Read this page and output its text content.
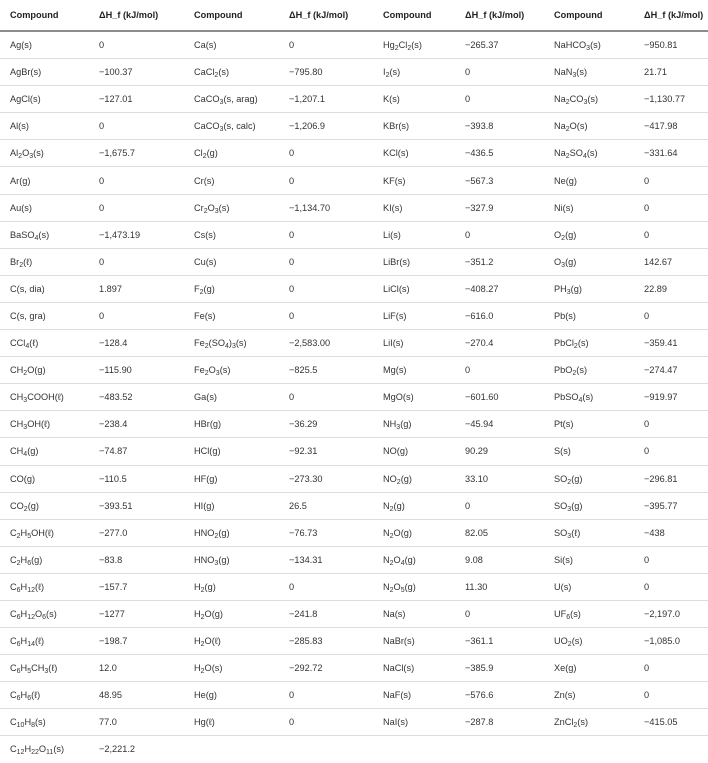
Compound	ΔH_f (kJ/mol)	Compound	ΔH_f (kJ/mol)	Compound	ΔH_f (kJ/mol)	Compound	ΔH_f (kJ/mol)
Ag(s)	0	Ca(s)	0	$Hg_2Cl_2(s)$	−265.37	NaHCO$_3$(s)	−950.81
AgBr(s)	−100.37	CaCl$_2$(s)	−795.80	$I_2(s)$	0	NaN$_3$(s)	21.71
AgCl(s)	−127.01	CaCO$_3$(s, arag)	−1,207.1	K(s)	0	$Na_2CO_3(s)$	−1,130.77
Al(s)	0	CaCO$_3$(s, calc)	−1,206.9	KBr(s)	−393.8	$Na_2O(s)$	−417.98
$Al_2O_3(s)$	−1,675.7	$Cl_2(g)$	0	KCl(s)	−436.5	$Na_2SO_4(s)$	−331.64
Ar(g)	0	Cr(s)	0	KF(s)	−567.3	Ne(g)	0
Au(s)	0	$Cr_2O_3(s)$	−1,134.70	KI(s)	−327.9	Ni(s)	0
BaSO$_4$(s)	−1,473.19	Cs(s)	0	Li(s)	0	$O_2(g)$	0
$Br_2(\ell)$	0	Cu(s)	0	LiBr(s)	−351.2	$O_3(g)$	142.67
C(s, dia)	1.897	$F_2(g)$	0	LiCl(s)	−408.27	$PH_3(g)$	22.89
C(s, gra)	0	Fe(s)	0	LiF(s)	−616.0	Pb(s)	0
CCl$_4$(ℓ)	−128.4	$Fe_2(SO_4)_3(s)$	−2,583.00	LiI(s)	−270.4	PbCl$_2$(s)	−359.41
$CH_2O(g)$	−115.90	$Fe_2O_3(s)$	−825.5	Mg(s)	0	PbO$_2$(s)	−274.47
$CH_3COOH(\ell)$	−483.52	Ga(s)	0	MgO(s)	−601.60	PbSO$_4$(s)	−919.97
$CH_3OH(\ell)$	−238.4	HBr(g)	−36.29	$NH_3(g)$	−45.94	Pt(s)	0
$CH_4(g)$	−74.87	HCl(g)	−92.31	NO(g)	90.29	S(s)	0
CO(g)	−110.5	HF(g)	−273.30	$NO_2(g)$	33.10	$SO_2(g)$	−296.81
$CO_2(g)$	−393.51	HI(g)	26.5	$N_2(g)$	0	$SO_3(g)$	−395.77
$C_2H_5OH(\ell)$	−277.0	$HNO_2(g)$	−76.73	$N_2O(g)$	82.05	$SO_3(\ell)$	−438
$C_2H_6(g)$	−83.8	$HNO_3(g)$	−134.31	$N_2O_4(g)$	9.08	Si(s)	0
$C_6H_{12}(\ell)$	−157.7	$H_2(g)$	0	$N_2O_5(g)$	11.30	U(s)	0
$C_6H_{12}O_6(s)$	−1277	$H_2O(g)$	−241.8	Na(s)	0	$UF_6(s)$	−2,197.0
$C_6H_{14}(\ell)$	−198.7	$H_2O(\ell)$	−285.83	NaBr(s)	−361.1	$UO_2(s)$	−1,085.0
$C_6H_5CH_3(\ell)$	12.0	$H_2O(s)$	−292.72	NaCl(s)	−385.9	Xe(g)	0
$C_6H_6(\ell)$	48.95	He(g)	0	NaF(s)	−576.6	Zn(s)	0
$C_{10}H_8(s)$	77.0	Hg(ℓ)	0	NaI(s)	−287.8	ZnCl$_2$(s)	−415.05
$C_{12}H_{22}O_{11}(s)$	−2,221.2						
